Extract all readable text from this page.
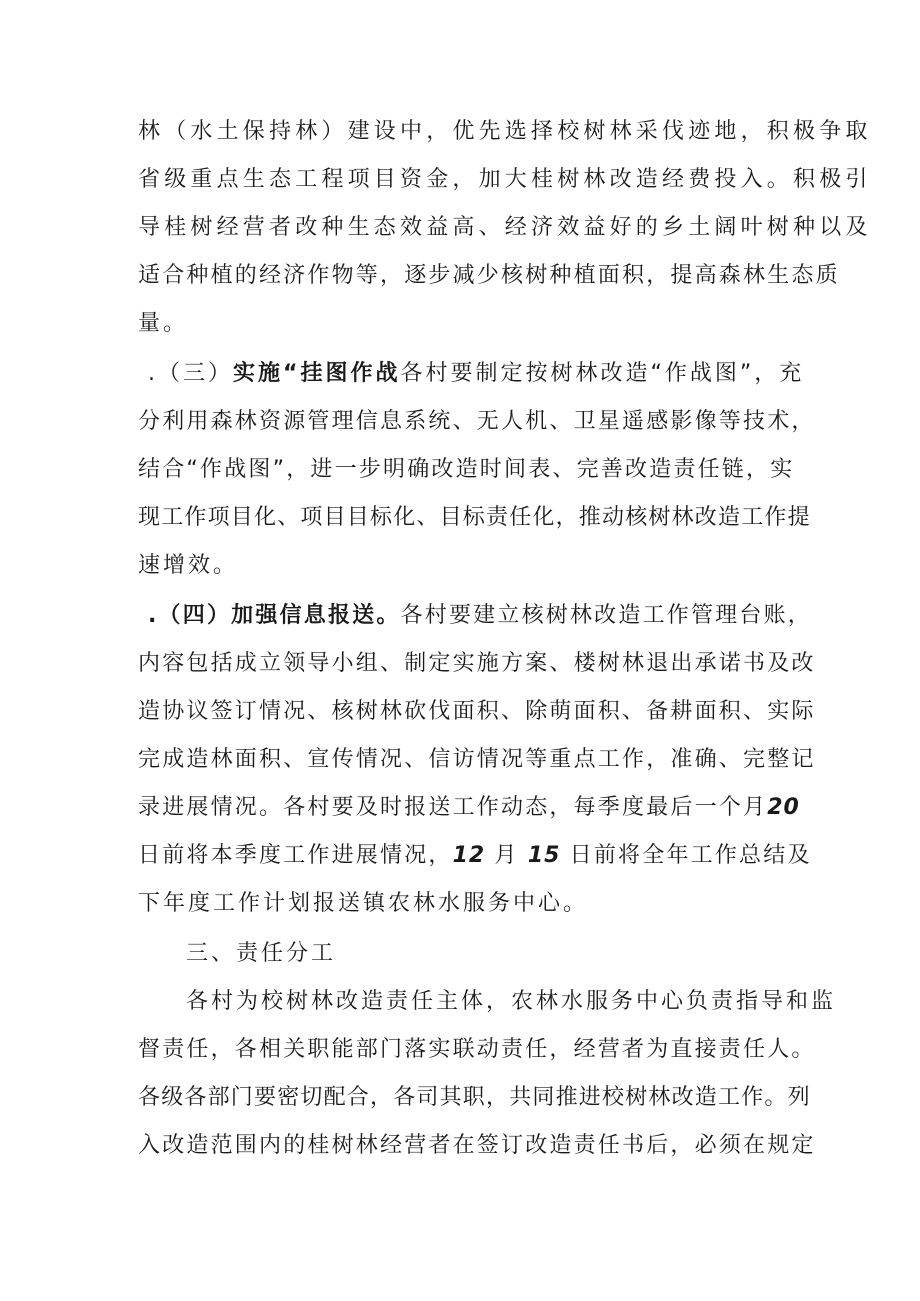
林（水土保持林）建设中，优先选择校树林采伐迹地，积极争取
省级重点生态工程项目资金，加大桂树林改造经费投入。积极引
导桂树经营者改种生态效益高、经济效益好的乡土阔叶树种以及
适合种植的经济作物等，逐步减少核树种植面积，提高森林生态质
量。
.（三）实施“挂图作战各村要制定按树林改造“作战图”，充
分利用森林资源管理信息系统、无人机、卫星遥感影像等技术，
结合“作战图”，进一步明确改造时间表、完善改造责任链，实
现工作项目化、项目目标化、目标责任化，推动核树林改造工作提
速增效。
.（四）加强信息报送。各村要建立核树林改造工作管理台账，
内容包括成立领导小组、制定实施方案、楼树林退出承诺书及改
造协议签订情况、核树林砍伐面积、除萌面积、备耕面积、实际
完成造林面积、宣传情况、信访情况等重点工作，准确、完整记
录进展情况。各村要及时报送工作动态，每季度最后一个月20
日前将本季度工作进展情况，12 月 15 日前将全年工作总结及
下年度工作计划报送镇农林水服务中心。
三、责任分工
各村为校树林改造责任主体，农林水服务中心负责指导和监
督责任，各相关职能部门落实联动责任，经营者为直接责任人。
各级各部门要密切配合，各司其职，共同推进校树林改造工作。列
入改造范围内的桂树林经营者在签订改造责任书后，必须在规定
